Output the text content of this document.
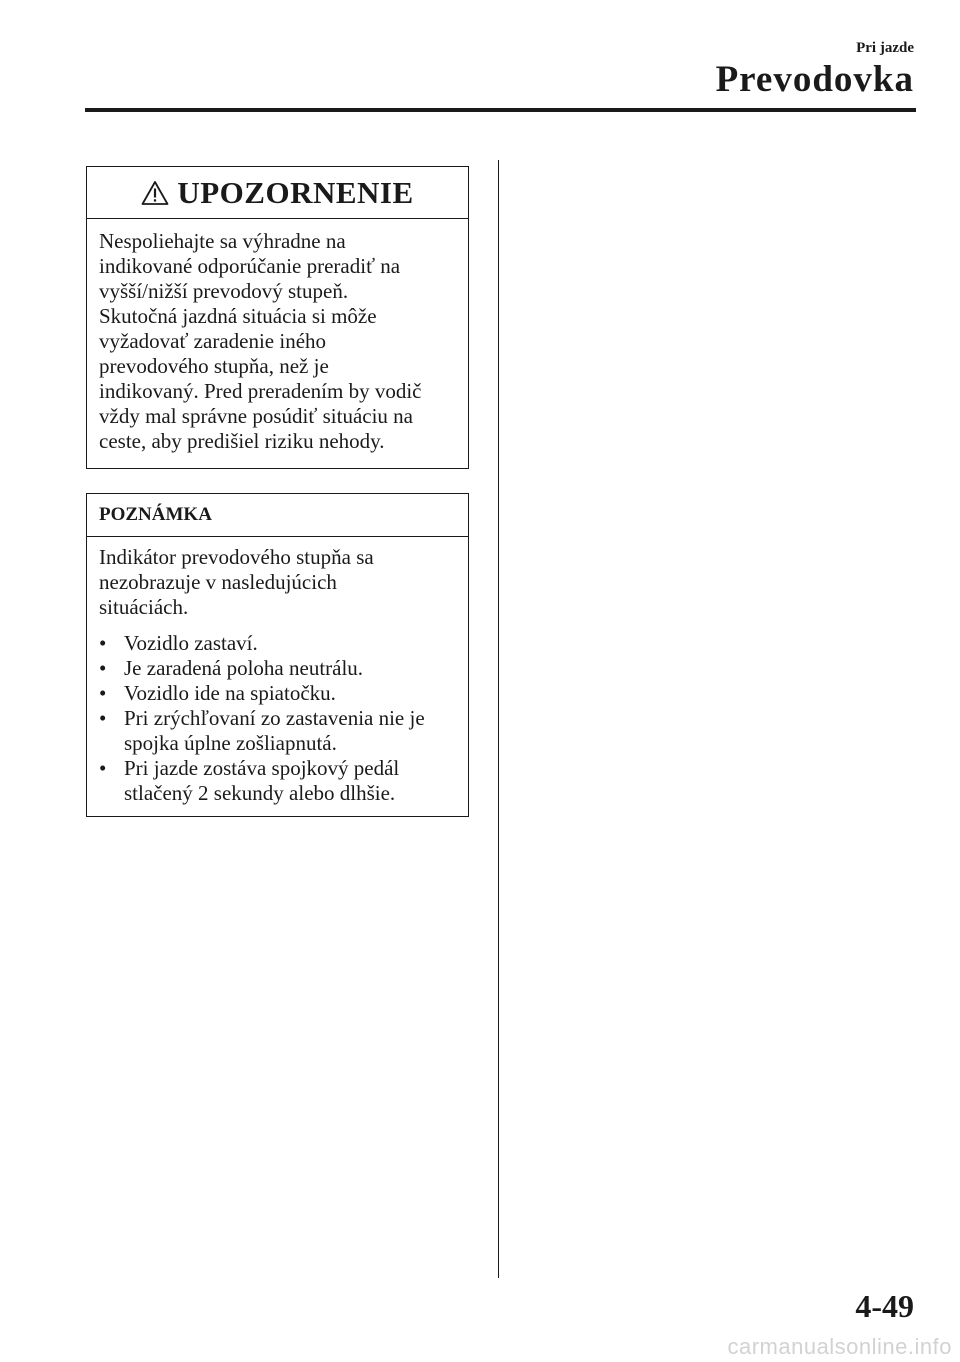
Pri jazde
Prevodovka
UPOZORNENIE
Nespoliehajte sa výhradne na
indikované odporúčanie preradiť na
vyšší/nižší prevodový stupeň.
Skutočná jazdná situácia si môže
vyžadovať zaradenie iného
prevodového stupňa, než je
indikovaný. Pred preradením by vodič
vždy mal správne posúdiť situáciu na
ceste, aby predišiel riziku nehody.
POZNÁMKA
Indikátor prevodového stupňa sa
nezobrazuje v nasledujúcich
situáciách.
• Vozidlo zastaví.
• Je zaradená poloha neutrálu.
• Vozidlo ide na spiatočku.
• Pri zrýchľovaní zo zastavenia nie je
spojka úplne zošliapnutá.
• Pri jazde zostáva spojkový pedál
stlačený 2 sekundy alebo dlhšie.
4-49
carmanualsonline.info
